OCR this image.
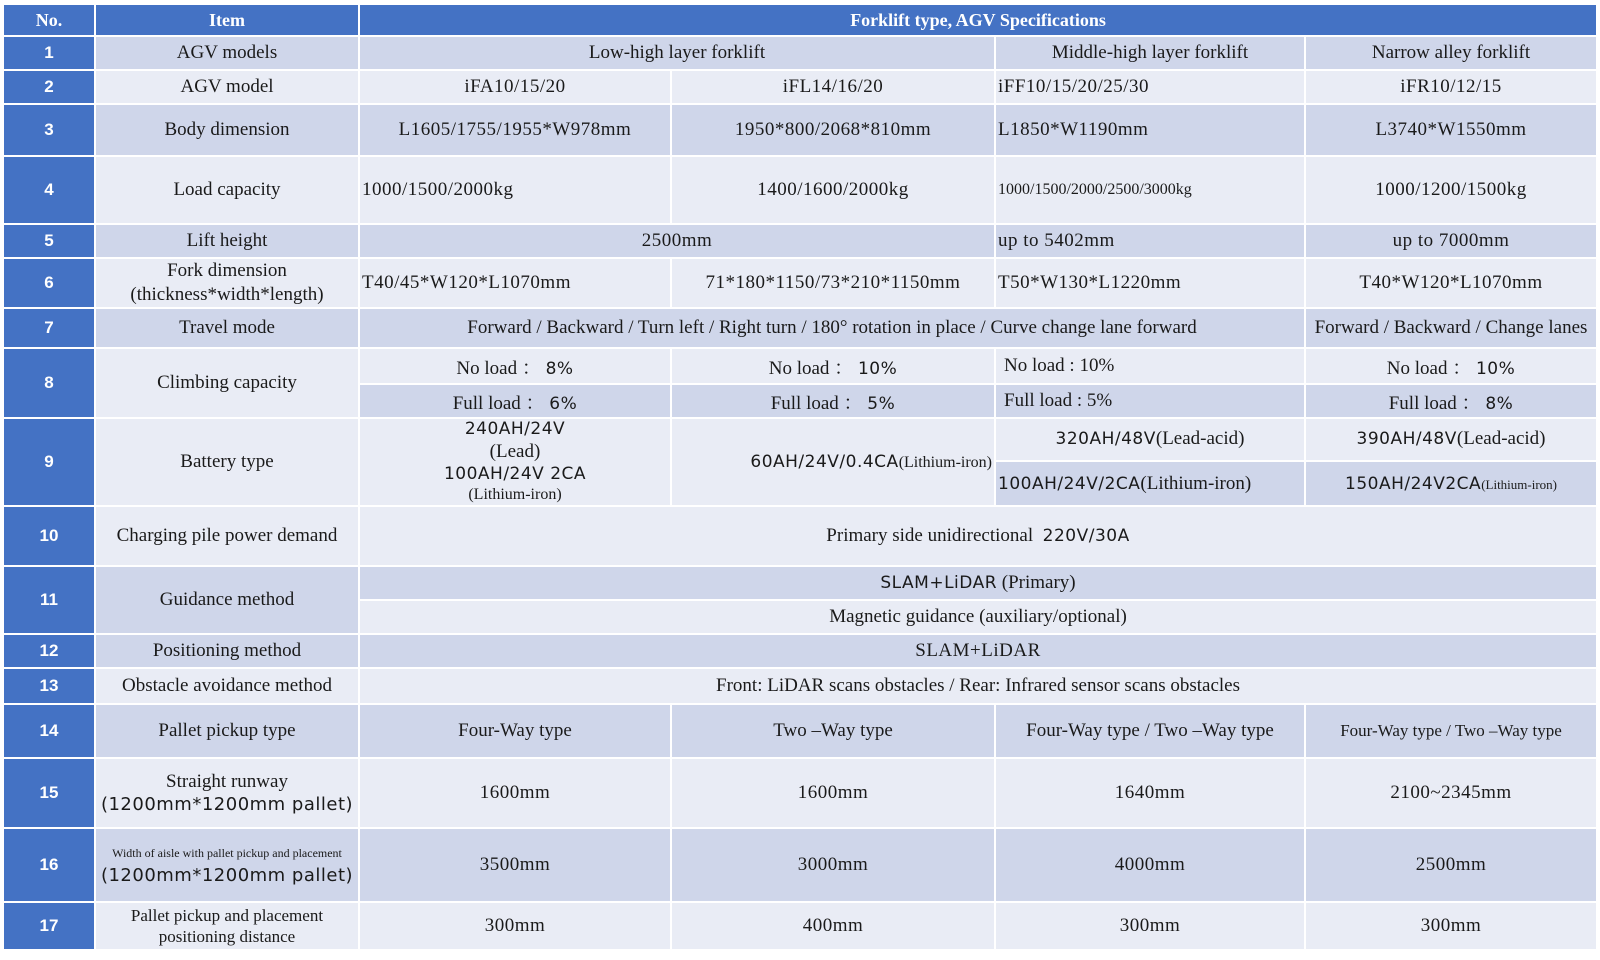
No.	Item	Forklift type, AGV Specifications			
1	AGV models	Low-high layer forklift		Middle-high layer forklift	Narrow alley forklift
2	AGV model	iFA10/15/20	iFL14/16/20	iFF10/15/20/25/30	iFR10/12/15
3	Body dimension	L1605/1755/1955*W978mm	1950*800/2068*810mm	L1850*W1190mm	L3740*W1550mm
4	Load capacity	1000/1500/2000kg	1400/1600/2000kg	1000/1500/2000/2500/3000kg	1000/1200/1500kg
5	Lift height	2500mm		up to 5402mm	up to 7000mm
6	Fork dimension
(thickness*width*length)	T40/45*W120*L1070mm	71*180*1150/73*210*1150mm	T50*W130*L1220mm	T40*W120*L1070mm
7	Travel mode	Forward / Backward / Turn left / Right turn / 180° rotation in place / Curve change lane forward			Forward / Backward / Change lanes
8	Climbing capacity	No load ： 8%	No load ： 10%	No load : 10%	No load ： 10%
		Full load ： 6%	Full load ： 5%	Full load : 5%	Full load ： 8%
9	Battery type	240AH/24V
(Lead)
100AH/24V 2CA
(Lithium-iron)	60AH/24V/0.4CA(Lithium-iron)	320AH/48V(Lead-acid)	390AH/48V(Lead-acid)
				100AH/24V/2CA(Lithium-iron)	150AH/24V2CA(Lithium-iron)
10	Charging pile power demand	Primary side unidirectional 220V/30A			
11	Guidance method	SLAM+LiDAR (Primary)			
		Magnetic guidance (auxiliary/optional)			
12	Positioning method	SLAM+LiDAR			
13	Obstacle avoidance method	Front: LiDAR scans obstacles / Rear: Infrared sensor scans obstacles			
14	Pallet pickup type	Four-Way type	Two –Way type	Four-Way type / Two –Way type	Four-Way type / Two –Way type
15	Straight runway
(1200mm*1200mm pallet)	1600mm	1600mm	1640mm	2100~2345mm
16	Width of aisle with pallet pickup and placement
(1200mm*1200mm pallet)	3500mm	3000mm	4000mm	2500mm
17	Pallet pickup and placement
positioning distance	300mm	400mm	300mm	300mm
